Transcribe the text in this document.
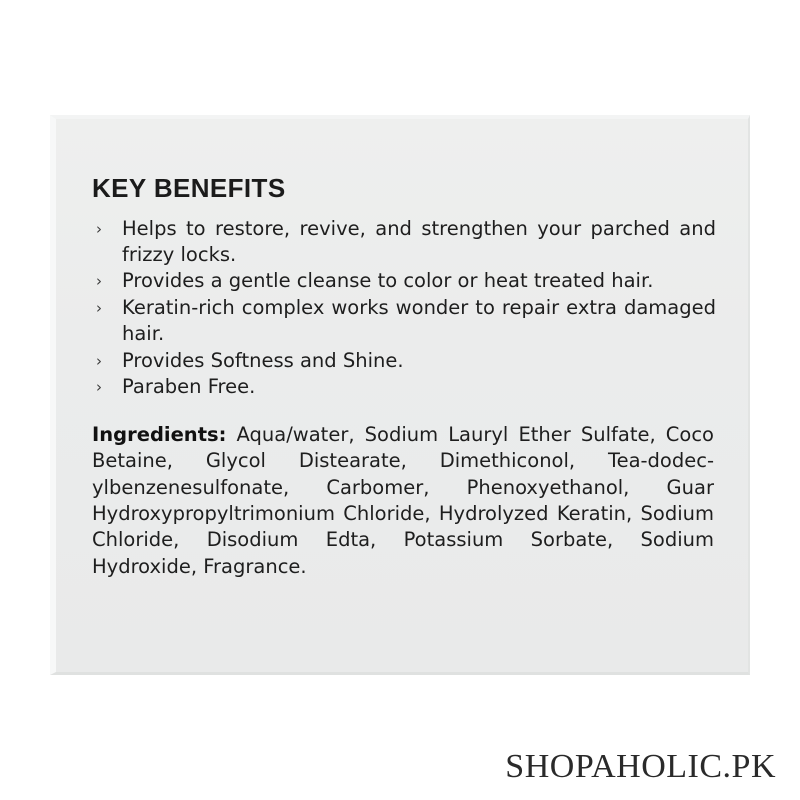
KEY BENEFITS
› Helps to restore, revive, and strengthen your parched and frizzy locks.
› Provides a gentle cleanse to color or heat treated hair.
› Keratin-rich complex works wonder to repair extra damaged hair.
› Provides Softness and Shine.
› Paraben Free.

Ingredients: Aqua/water, Sodium Lauryl Ether Sulfate, Coco Betaine, Glycol Distearate, Dimethiconol, Tea-dodec-ylbenzenesulfonate, Carbomer, Phenoxyethanol, Guar Hydroxypropyltrimonium Chloride, Hydrolyzed Keratin, Sodium Chloride, Disodium Edta, Potassium Sorbate, Sodium Hydroxide, Fragrance.

SHOPAHOLIC.PK
